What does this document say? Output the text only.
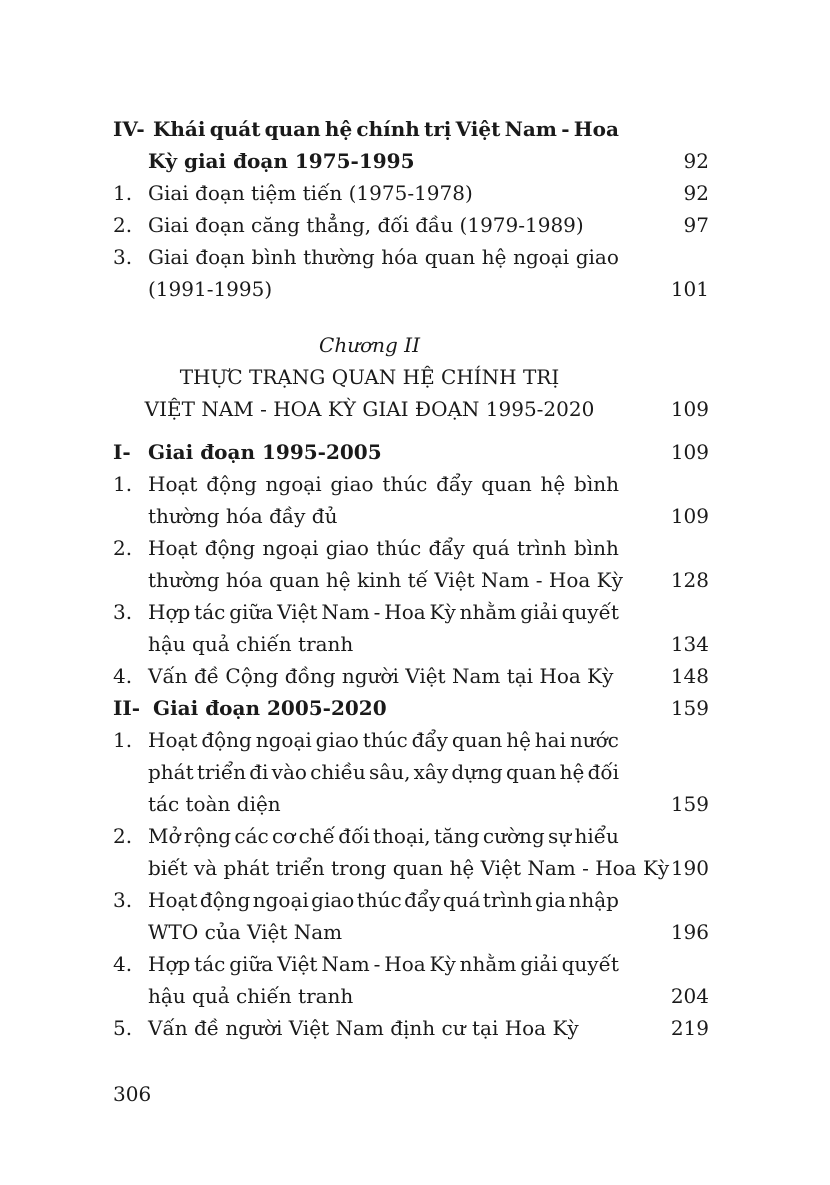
IV- Khái quát quan hệ chính trị Việt Nam - Hoa
Kỳ giai đoạn 1975-1995	92
1. Giai đoạn tiệm tiến (1975-1978)	92
2. Giai đoạn căng thẳng, đối đầu (1979-1989)	97
3. Giai đoạn bình thường hóa quan hệ ngoại giao
(1991-1995)	101
Chương II
THỰC TRẠNG QUAN HỆ CHÍNH TRỊ
VIỆT NAM - HOA KỲ GIAI ĐOẠN 1995-2020	109
I- Giai đoạn 1995-2005	109
1. Hoạt động ngoại giao thúc đẩy quan hệ bình
thường hóa đầy đủ	109
2. Hoạt động ngoại giao thúc đẩy quá trình bình
thường hóa quan hệ kinh tế Việt Nam - Hoa Kỳ	128
3. Hợp tác giữa Việt Nam - Hoa Kỳ nhằm giải quyết
hậu quả chiến tranh	134
4. Vấn đề Cộng đồng người Việt Nam tại Hoa Kỳ	148
II- Giai đoạn 2005-2020	159
1. Hoạt động ngoại giao thúc đẩy quan hệ hai nước
phát triển đi vào chiều sâu, xây dựng quan hệ đối
tác toàn diện	159
2. Mở rộng các cơ chế đối thoại, tăng cường sự hiểu
biết và phát triển trong quan hệ Việt Nam - Hoa Kỳ 190
3. Hoạt động ngoại giao thúc đẩy quá trình gia nhập
WTO của Việt Nam	196
4. Hợp tác giữa Việt Nam - Hoa Kỳ nhằm giải quyết
hậu quả chiến tranh	204
5. Vấn đề người Việt Nam định cư tại Hoa Kỳ	219
306
